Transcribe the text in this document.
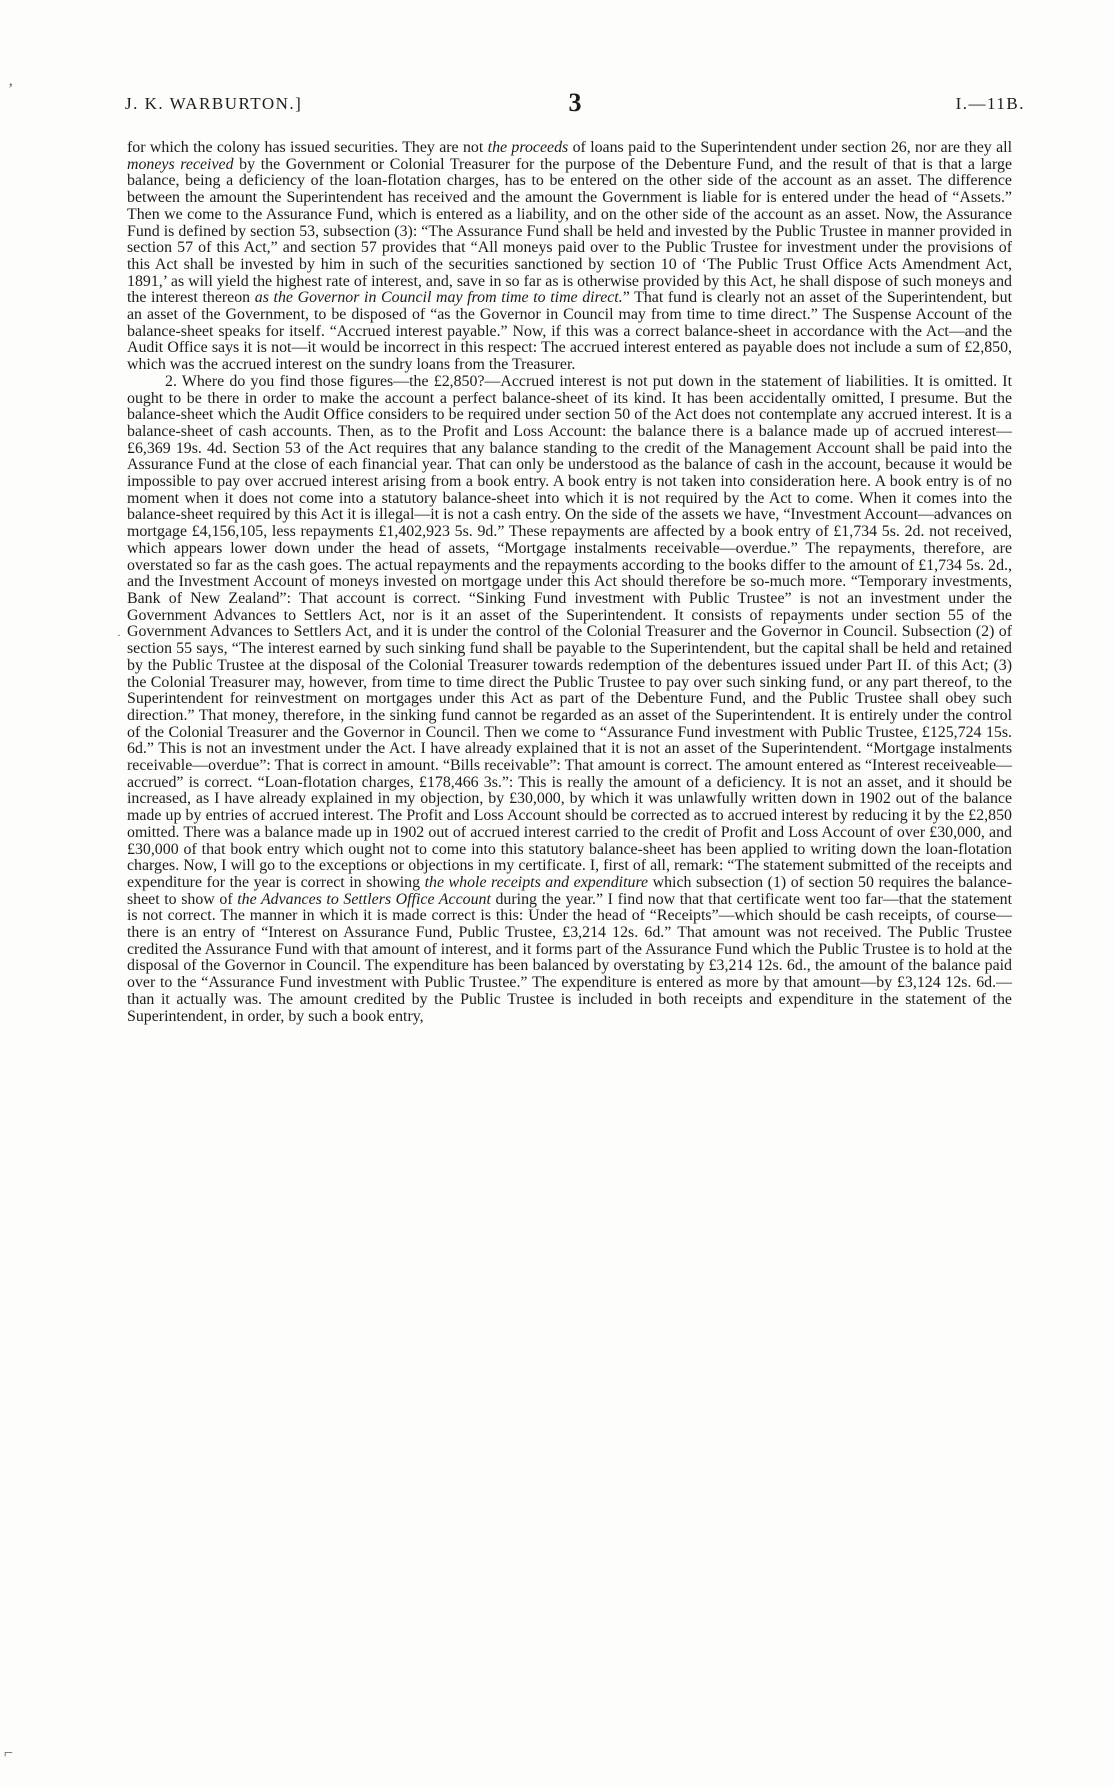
‚
⌐
·
J. K. WARBURTON.]	3	I.—11B.

for which the colony has issued securities. They are not the proceeds of loans paid to the Superintendent under section 26, nor are they all moneys received by the Government or Colonial Treasurer for the purpose of the Debenture Fund, and the result of that is that a large balance, being a deficiency of the loan-flotation charges, has to be entered on the other side of the account as an asset. The difference between the amount the Superintendent has received and the amount the Government is liable for is entered under the head of “Assets.” Then we come to the Assurance Fund, which is entered as a liability, and on the other side of the account as an asset. Now, the Assurance Fund is defined by section 53, subsection (3): “The Assurance Fund shall be held and invested by the Public Trustee in manner provided in section 57 of this Act,” and section 57 provides that “All moneys paid over to the Public Trustee for investment under the provisions of this Act shall be invested by him in such of the securities sanctioned by section 10 of ‘The Public Trust Office Acts Amendment Act, 1891,’ as will yield the highest rate of interest, and, save in so far as is otherwise provided by this Act, he shall dispose of such moneys and the interest thereon as the Governor in Council may from time to time direct.” That fund is clearly not an asset of the Superintendent, but an asset of the Government, to be disposed of “as the Governor in Council may from time to time direct.” The Suspense Account of the balance-sheet speaks for itself. “Accrued interest payable.” Now, if this was a correct balance-sheet in accordance with the Act—and the Audit Office says it is not—it would be incorrect in this respect: The accrued interest entered as payable does not include a sum of £2,850, which was the accrued interest on the sundry loans from the Treasurer.

2. Where do you find those figures—the £2,850?—Accrued interest is not put down in the statement of liabilities. It is omitted. It ought to be there in order to make the account a perfect balance-sheet of its kind. It has been accidentally omitted, I presume. But the balance-sheet which the Audit Office considers to be required under section 50 of the Act does not contemplate any accrued interest. It is a balance-sheet of cash accounts. Then, as to the Profit and Loss Account: the balance there is a balance made up of accrued interest—£6,369 19s. 4d. Section 53 of the Act requires that any balance standing to the credit of the Management Account shall be paid into the Assurance Fund at the close of each financial year. That can only be understood as the balance of cash in the account, because it would be impossible to pay over accrued interest arising from a book entry. A book entry is not taken into consideration here. A book entry is of no moment when it does not come into a statutory balance-sheet into which it is not required by the Act to come. When it comes into the balance-sheet required by this Act it is illegal—it is not a cash entry. On the side of the assets we have, “Investment Account—advances on mortgage £4,156,105, less repayments £1,402,923 5s. 9d.” These repayments are affected by a book entry of £1,734 5s. 2d. not received, which appears lower down under the head of assets, “Mortgage instalments receivable—overdue.” The repayments, therefore, are overstated so far as the cash goes. The actual repayments and the repayments according to the books differ to the amount of £1,734 5s. 2d., and the Investment Account of moneys invested on mortgage under this Act should therefore be so-much more. “Temporary investments, Bank of New Zealand”: That account is correct. “Sinking Fund investment with Public Trustee” is not an investment under the Government Advances to Settlers Act, nor is it an asset of the Superintendent. It consists of repayments under section 55 of the Government Advances to Settlers Act, and it is under the control of the Colonial Treasurer and the Governor in Council. Subsection (2) of section 55 says, “The interest earned by such sinking fund shall be payable to the Superintendent, but the capital shall be held and retained by the Public Trustee at the disposal of the Colonial Treasurer towards redemption of the debentures issued under Part II. of this Act; (3) the Colonial Treasurer may, however, from time to time direct the Public Trustee to pay over such sinking fund, or any part thereof, to the Superintendent for reinvestment on mortgages under this Act as part of the Debenture Fund, and the Public Trustee shall obey such direction.” That money, therefore, in the sinking fund cannot be regarded as an asset of the Superintendent. It is entirely under the control of the Colonial Treasurer and the Governor in Council. Then we come to “Assurance Fund investment with Public Trustee, £125,724 15s. 6d.” This is not an investment under the Act. I have already explained that it is not an asset of the Superintendent. “Mortgage instalments receivable—overdue”: That is correct in amount. “Bills receivable”: That amount is correct. The amount entered as “Interest receiveable—accrued” is correct. “Loan-flotation charges, £178,466 3s.”: This is really the amount of a deficiency. It is not an asset, and it should be increased, as I have already explained in my objection, by £30,000, by which it was unlawfully written down in 1902 out of the balance made up by entries of accrued interest. The Profit and Loss Account should be corrected as to accrued interest by reducing it by the £2,850 omitted. There was a balance made up in 1902 out of accrued interest carried to the credit of Profit and Loss Account of over £30,000, and £30,000 of that book entry which ought not to come into this statutory balance-sheet has been applied to writing down the loan-flotation charges. Now, I will go to the exceptions or objections in my certificate. I, first of all, remark: “The statement submitted of the receipts and expenditure for the year is correct in showing the whole receipts and expenditure which subsection (1) of section 50 requires the balance-sheet to show of the Advances to Settlers Office Account during the year.” I find now that that certificate went too far—that the statement is not correct. The manner in which it is made correct is this: Under the head of “Receipts”—which should be cash receipts, of course—there is an entry of “Interest on Assurance Fund, Public Trustee, £3,214 12s. 6d.” That amount was not received. The Public Trustee credited the Assurance Fund with that amount of interest, and it forms part of the Assurance Fund which the Public Trustee is to hold at the disposal of the Governor in Council. The expenditure has been balanced by overstating by £3,214 12s. 6d., the amount of the balance paid over to the “Assurance Fund investment with Public Trustee.” The expenditure is entered as more by that amount—by £3,124 12s. 6d.—than it actually was. The amount credited by the Public Trustee is included in both receipts and expenditure in the statement of the Superintendent, in order, by such a book entry,
